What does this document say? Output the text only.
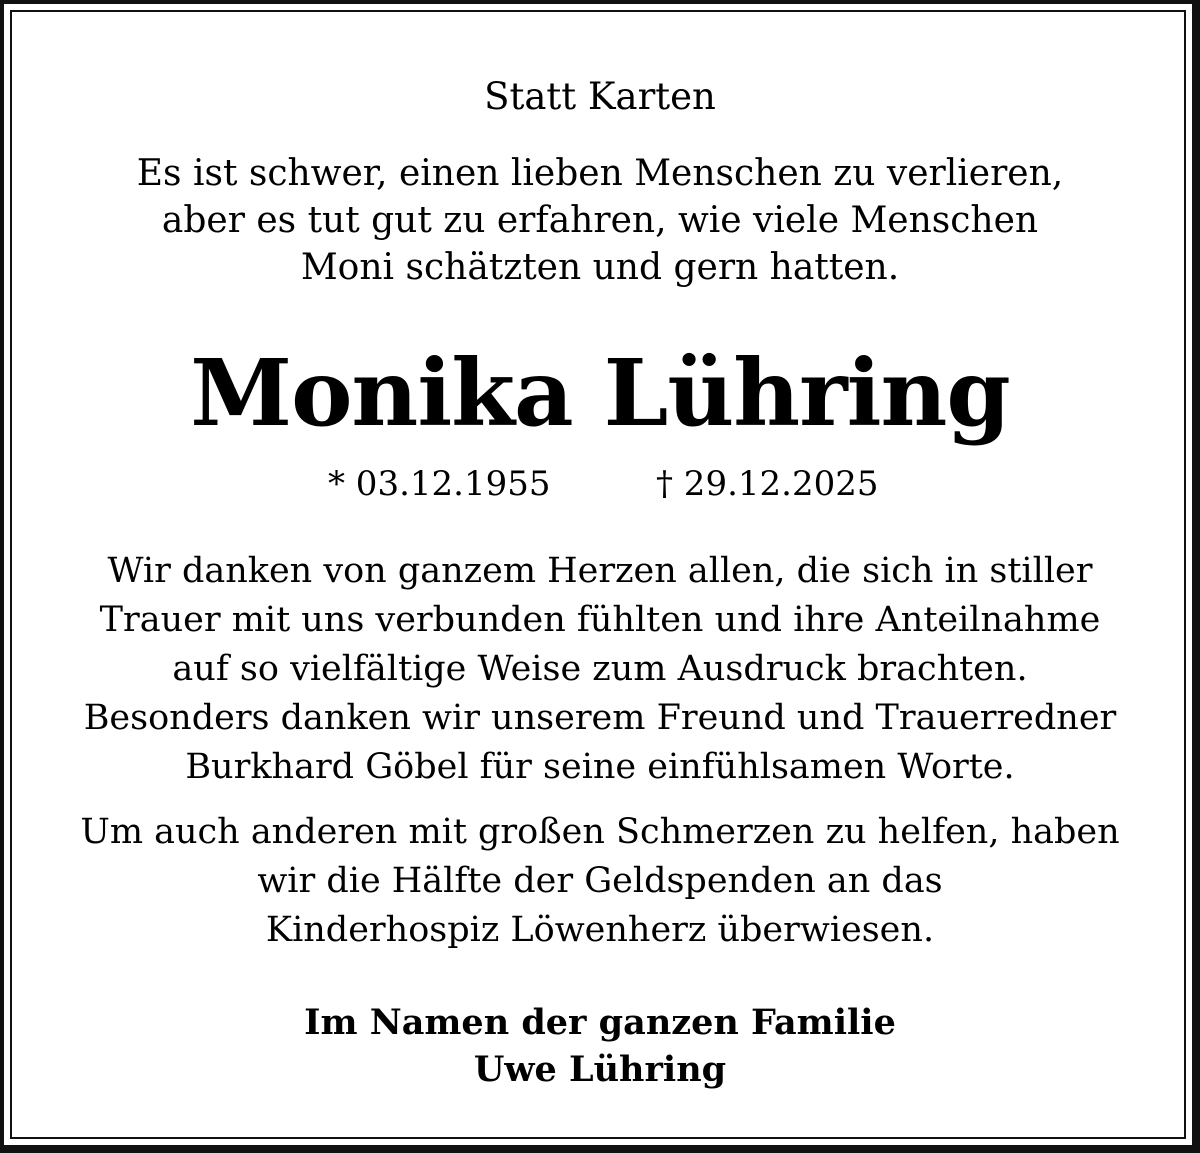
Statt Karten
Es ist schwer, einen lieben Menschen zu verlieren,
aber es tut gut zu erfahren, wie viele Menschen
Moni schätzten und gern hatten.
Monika Lühring
* 03.12.1955	† 29.12.2025
Wir danken von ganzem Herzen allen, die sich in stiller
Trauer mit uns verbunden fühlten und ihre Anteilnahme
auf so vielfältige Weise zum Ausdruck brachten.
Besonders danken wir unserem Freund und Trauerredner
Burkhard Göbel für seine einfühlsamen Worte.
Um auch anderen mit großen Schmerzen zu helfen, haben
wir die Hälfte der Geldspenden an das
Kinderhospiz Löwenherz überwiesen.
Im Namen der ganzen Familie
Uwe Lühring
